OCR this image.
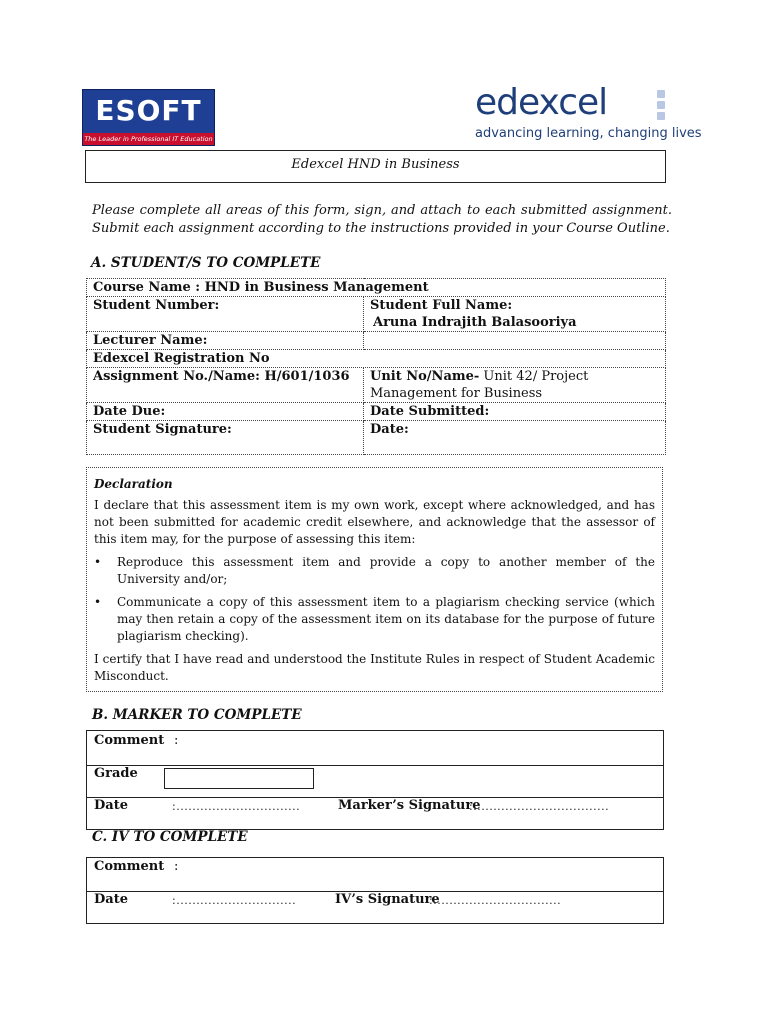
ESOFT
The Leader in Professional IT Education
edexcel
advancing learning, changing lives
Edexcel HND in Business
Please complete all areas of this form, sign, and attach to each submitted assignment. Submit each assignment according to the instructions provided in your Course Outline.
A. STUDENT/S TO COMPLETE
Course Name : HND in Business Management	
Student Number:	Student Full Name:
Aruna Indrajith Balasooriya

Lecturer Name:	
Edexcel Registration No	
Assignment No./Name: H/601/1036	Unit No/Name- Unit 42/ Project Management for Business
Date Due:	Date Submitted:
Student Signature:	Date:

Declaration

I declare that this assessment item is my own work, except where acknowledged, and has not been submitted for academic credit elsewhere, and acknowledge that the assessor of this item may, for the purpose of assessing this item:

• Reproduce this assessment item and provide a copy to another member of the University and/or;
• Communicate a copy of this assessment item to a plagiarism checking service (which may then retain a copy of the assessment item on its database for the purpose of future plagiarism checking).

I certify that I have read and understood the Institute Rules in respect of Student Academic Misconduct.

B. MARKER TO COMPLETE
Comment :
Grade
Date	:...............................	Marker’s Signature
:..................................
C. IV TO COMPLETE
Comment :
Date	:..............................	IV’s Signature
:................................
